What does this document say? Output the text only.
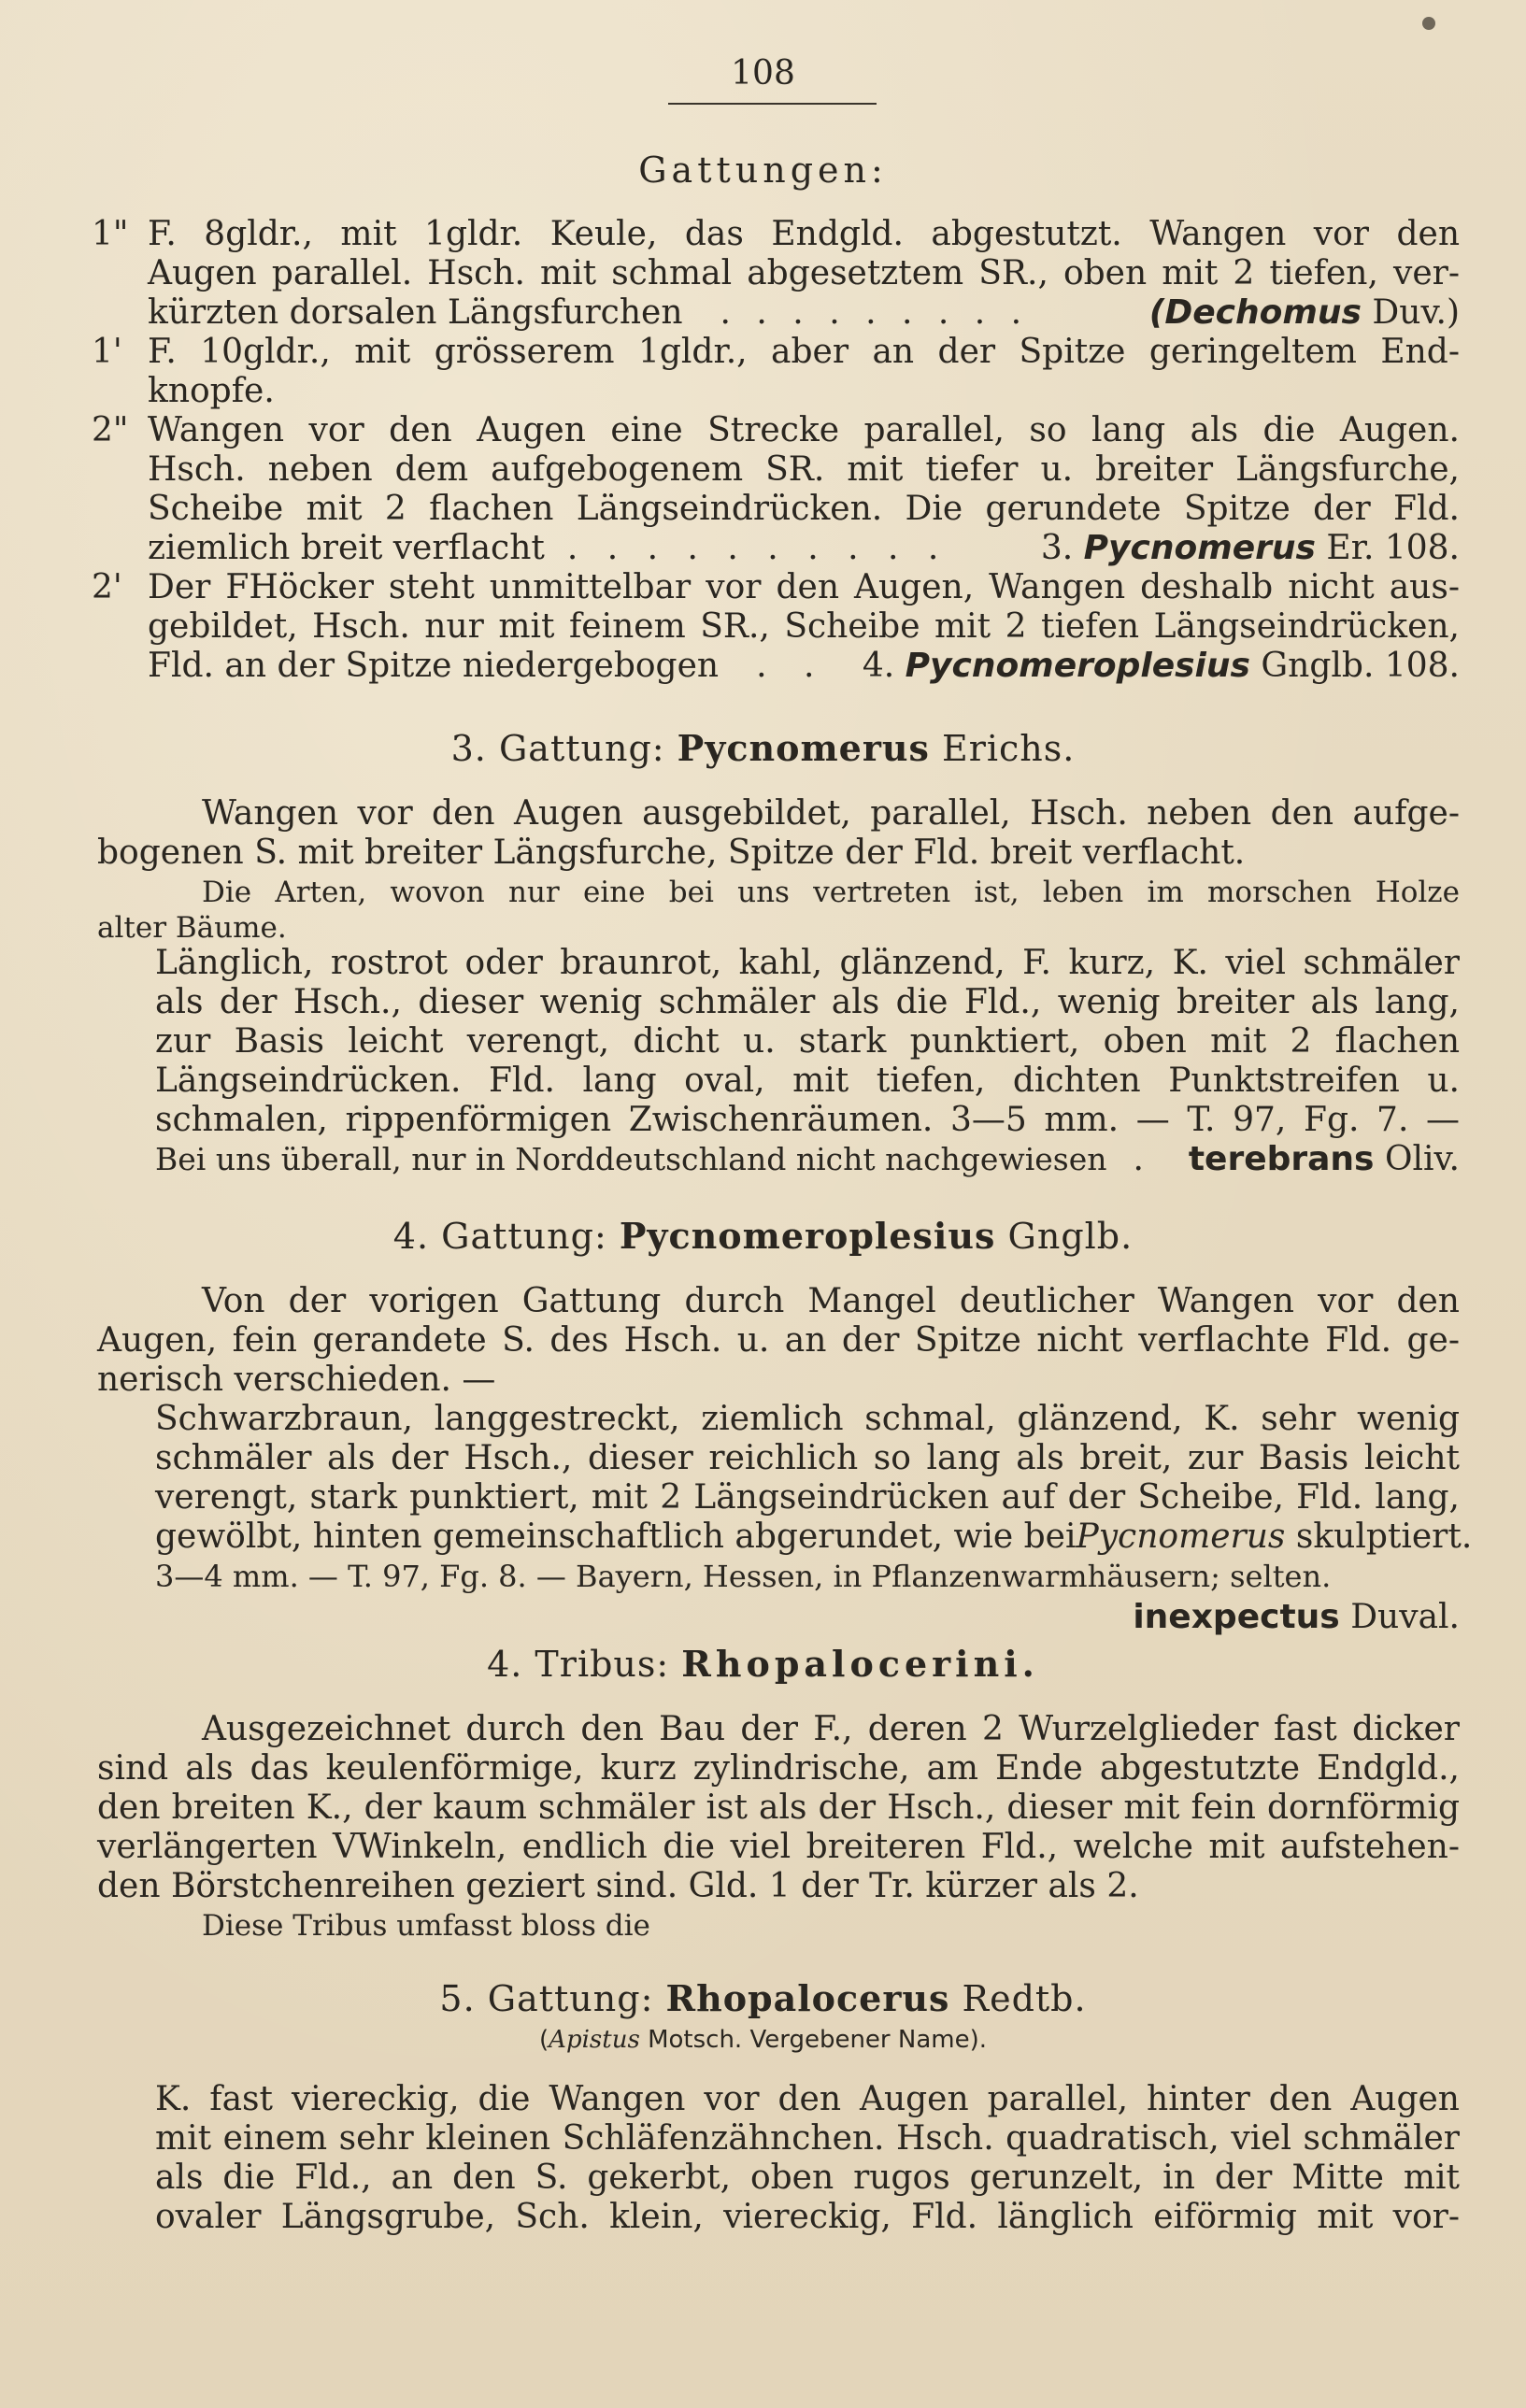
108
Gattungen:
1" F. 8gldr., mit 1gldr. Keule, das Endgld. abgestutzt. Wangen vor den
Augen parallel. Hsch. mit schmal abgesetztem SR., oben mit 2 tiefen, ver-
kürzten dorsalen Längsfurchen . . . . . . . . .	(Dechomus Duv.)
1' F. 10gldr., mit grösserem 1gldr., aber an der Spitze geringeltem End-
knopfe.
2" Wangen vor den Augen eine Strecke parallel, so lang als die Augen.
Hsch. neben dem aufgebogenem SR. mit tiefer u. breiter Längsfurche,
Scheibe mit 2 flachen Längseindrücken. Die gerundete Spitze der Fld.
ziemlich breit verflacht . . . . . . . . . .	3. Pycnomerus Er. 108.
2' Der FHöcker steht unmittelbar vor den Augen, Wangen deshalb nicht aus-
gebildet, Hsch. nur mit feinem SR., Scheibe mit 2 tiefen Längseindrücken,
Fld. an der Spitze niedergebogen . . 4. Pycnomeroplesius Gnglb. 108.
3. Gattung: Pycnomerus Erichs.
Wangen vor den Augen ausgebildet, parallel, Hsch. neben den aufge-
bogenen S. mit breiter Längsfurche, Spitze der Fld. breit verflacht.
Die Arten, wovon nur eine bei uns vertreten ist, leben im morschen Holze
alter Bäume.
Länglich, rostrot oder braunrot, kahl, glänzend, F. kurz, K. viel schmäler
als der Hsch., dieser wenig schmäler als die Fld., wenig breiter als lang,
zur Basis leicht verengt, dicht u. stark punktiert, oben mit 2 flachen
Längseindrücken. Fld. lang oval, mit tiefen, dichten Punktstreifen u.
schmalen, rippenförmigen Zwischenräumen. 3—5 mm. — T. 97, Fg. 7. —
Bei uns überall, nur in Norddeutschland nicht nachgewiesen . terebrans Oliv.
4. Gattung: Pycnomeroplesius Gnglb.
Von der vorigen Gattung durch Mangel deutlicher Wangen vor den
Augen, fein gerandete S. des Hsch. u. an der Spitze nicht verflachte Fld. ge-
nerisch verschieden. —
Schwarzbraun, langgestreckt, ziemlich schmal, glänzend, K. sehr wenig
schmäler als der Hsch., dieser reichlich so lang als breit, zur Basis leicht
verengt, stark punktiert, mit 2 Längseindrücken auf der Scheibe, Fld. lang,
gewölbt, hinten gemeinschaftlich abgerundet, wie bei Pycnomerus skulptiert.
3—4 mm. — T. 97, Fg. 8. — Bayern, Hessen, in Pflanzenwarmhäusern; selten.
inexpectus Duval.
4. Tribus: Rhopalocerini.
Ausgezeichnet durch den Bau der F., deren 2 Wurzelglieder fast dicker
sind als das keulenförmige, kurz zylindrische, am Ende abgestutzte Endgld.,
den breiten K., der kaum schmäler ist als der Hsch., dieser mit fein dornförmig
verlängerten VWinkeln, endlich die viel breiteren Fld., welche mit aufstehen-
den Börstchenreihen geziert sind. Gld. 1 der Tr. kürzer als 2.
Diese Tribus umfasst bloss die
5. Gattung: Rhopalocerus Redtb.
(Apistus Motsch. Vergebener Name).
K. fast viereckig, die Wangen vor den Augen parallel, hinter den Augen
mit einem sehr kleinen Schläfenzähnchen. Hsch. quadratisch, viel schmäler
als die Fld., an den S. gekerbt, oben rugos gerunzelt, in der Mitte mit
ovaler Längsgrube, Sch. klein, viereckig, Fld. länglich eiförmig mit vor-
